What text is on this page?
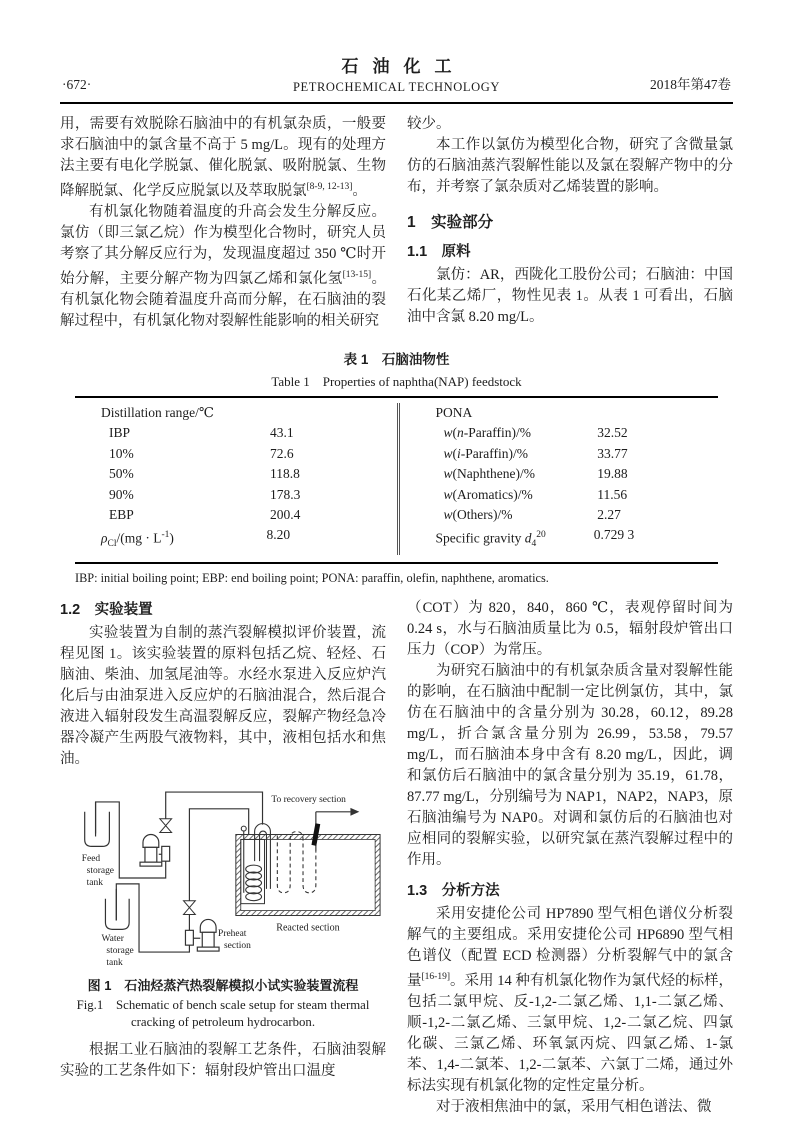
·672·
石油化工
PETROCHEMICAL TECHNOLOGY	2018年第47卷

用，需要有效脱除石脑油中的有机氯杂质，一般要求石脑油中的氯含量不高于 5 mg/L。现有的处理方法主要有电化学脱氯、催化脱氯、吸附脱氯、生物降解脱氯、化学反应脱氯以及萃取脱氯[8-9, 12-13]。

有机氯化物随着温度的升高会发生分解反应。氯仿（即三氯乙烷）作为模型化合物时，研究人员考察了其分解反应行为，发现温度超过 350 ℃时开始分解，主要分解产物为四氯乙烯和氯化氢[13-15]。有机氯化物会随着温度升高而分解，在石脑油的裂解过程中，有机氯化物对裂解性能影响的相关研究

较少。

本工作以氯仿为模型化合物，研究了含微量氯仿的石脑油蒸汽裂解性能以及氯在裂解产物中的分布，并考察了氯杂质对乙烯装置的影响。

1　实验部分
1.1　原料

氯仿：AR，西陇化工股份公司；石脑油：中国石化某乙烯厂，物性见表 1。从表 1 可看出，石脑油中含氯 8.20 mg/L。

表 1　石脑油物性
Table 1　Properties of naphtha(NAP) feedstock
Distillation range/℃
IBP	43.1
10%	72.6
50%	118.8
90%	178.3
EBP	200.4
$\rho_{Cl}/(mg \cdot L^{-1})$	8.20
PONA
w(n-Paraffin)/%	32.52
w(i-Paraffin)/%	33.77
w(Naphthene)/%	19.88
w(Aromatics)/%	11.56
w(Others)/%	2.27
Specific gravity $d_4^{20}$	0.729 3
IBP: initial boiling point; EBP: end boiling point; PONA: paraffin, olefin, naphthene, aromatics.
1.2　实验装置

实验装置为自制的蒸汽裂解模拟评价装置，流程见图 1。该实验装置的原料包括乙烷、轻烃、石脑油、柴油、加氢尾油等。水经水泵进入反应炉汽化后与由油泵进入反应炉的石脑油混合，然后混合液进入辐射段发生高温裂解反应，裂解产物经急冷器冷凝产生两股气液物料，其中，液相包括水和焦油。

To recovery section
Feed
storage
tank
Water
storage
tank
Preheat
section
Reacted section
图 1　石油烃蒸汽热裂解模拟小试实验装置流程
Fig.1　Schematic of bench scale setup for steam thermal cracking of petroleum hydrocarbon.

根据工业石脑油的裂解工艺条件，石脑油裂解实验的工艺条件如下：辐射段炉管出口温度

（COT）为 820，840，860 ℃，表观停留时间为 0.24 s，水与石脑油质量比为 0.5，辐射段炉管出口压力（COP）为常压。

为研究石脑油中的有机氯杂质含量对裂解性能的影响，在石脑油中配制一定比例氯仿，其中，氯仿在石脑油中的含量分别为 30.28，60.12，89.28 mg/L，折合氯含量分别为 26.99，53.58，79.57 mg/L，而石脑油本身中含有 8.20 mg/L，因此，调和氯仿后石脑油中的氯含量分别为 35.19，61.78，87.77 mg/L，分别编号为 NAP1，NAP2，NAP3，原石脑油编号为 NAP0。对调和氯仿后的石脑油也对应相同的裂解实验，以研究氯在蒸汽裂解过程中的作用。

1.3　分析方法

采用安捷伦公司 HP7890 型气相色谱仪分析裂解气的主要组成。采用安捷伦公司 HP6890 型气相色谱仪（配置 ECD 检测器）分析裂解气中的氯含量[16-19]。采用 14 种有机氯化物作为氯代烃的标样，包括二氯甲烷、反-1,2-二氯乙烯、1,1-二氯乙烯、顺-1,2-二氯乙烯、三氯甲烷、1,2-二氯乙烷、四氯化碳、三氯乙烯、环氧氯丙烷、四氯乙烯、1-氯苯、1,4-二氯苯、1,2-二氯苯、六氯丁二烯，通过外标法实现有机氯化物的定性定量分析。

对于液相焦油中的氯，采用气相色谱法、微
